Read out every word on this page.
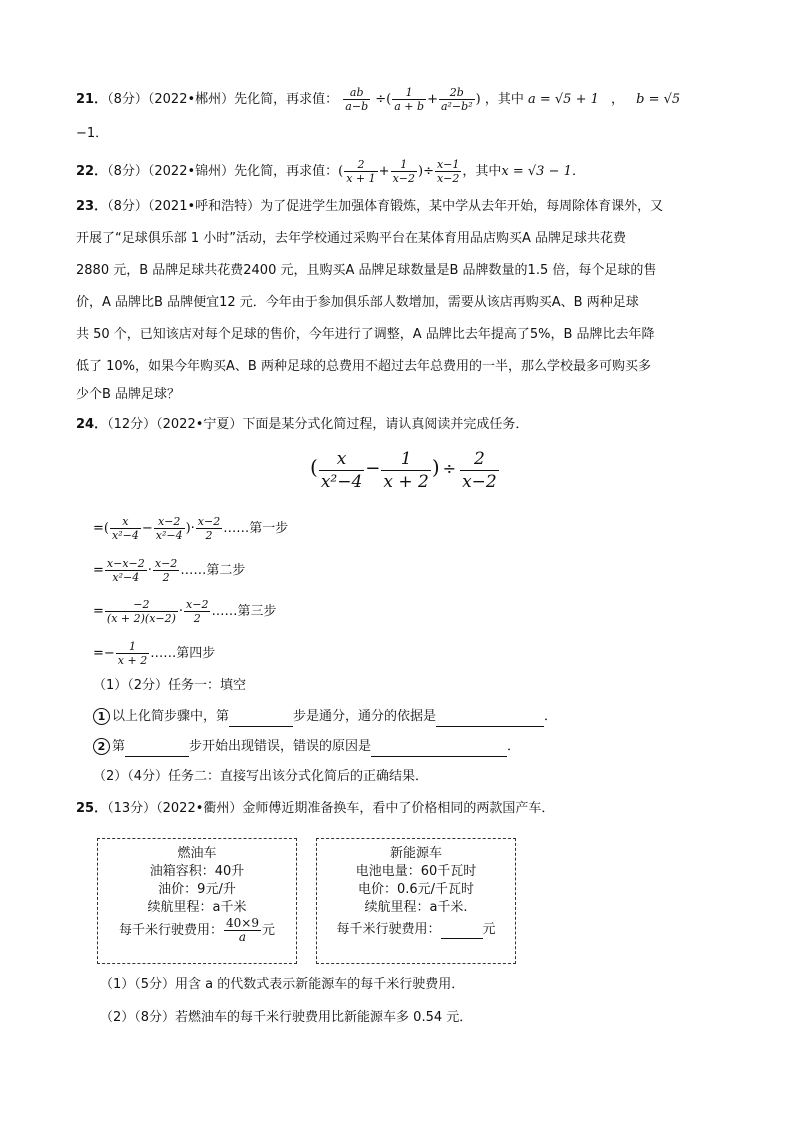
21．（8分）（2022•郴州）先化简，再求值： $\frac{ab}{a-b}$ ÷( $\frac{1}{a + b} + \frac{2b}{\text{a²−b²}}$ ) ，其中 a = √5 + 1 ， b = √5
−1．
22．（8分）（2022•锦州）先化简，再求值：( $\frac{2}{x + 1} + \frac{1}{x-2}$ )÷ $\frac{x-1}{x-2}$ ，其中x = √3 − 1．
23．（8分）（2021•呼和浩特）为了促进学生加强体育锻炼，某中学从去年开始，每周除体育课外，又
开展了“足球俱乐部 1 小时”活动，去年学校通过采购平台在某体育用品店购买A 品牌足球共花费
2880 元，B 品牌足球共花费2400 元，且购买A 品牌足球数量是B 品牌数量的1.5 倍，每个足球的售
价，A 品牌比B 品牌便宜12 元．今年由于参加俱乐部人数增加，需要从该店再购买A、B 两种足球
共 50 个，已知该店对每个足球的售价，今年进行了调整，A 品牌比去年提高了5%，B 品牌比去年降
低了 10%，如果今年购买A、B 两种足球的总费用不超过去年总费用的一半，那么学校最多可购买多
少个B 品牌足球？
24．（12分）（2022•宁夏）下面是某分式化简过程，请认真阅读并完成任务．
( $\frac{x}{\text{x²−4}} - \frac{1}{x + 2}$ ) ÷ $\frac{2}{x-2}$
=( $\frac{x}{\text{x²−4}} - \frac{x-2}{\text{x²−4}}$ )· $\frac{x-2}{2}$ ……第一步
= $\frac{x-x-2}{\text{x²−4}} \cdot \frac{x-2}{2}$ ……第二步
= $\frac{-2}{(x + 2)(x-2)} \cdot \frac{x-2}{2}$ ……第三步
=− $\frac{1}{x + 2}$ ……第四步
（1）（2分）任务一：填空
1 以上化简步骤中，第	步是通分，通分的依据是	．
2 第	步开始出现错误，错误的原因是	．
（2）（4分）任务二：直接写出该分式化简后的正确结果．
25．（13分）（2022•衢州）金师傅近期准备换车，看中了价格相同的两款国产车．
燃油车
油箱容积：40升
油价：9元/升
续航里程：a千米
每千米行驶费用： $\frac{40\times 9}{a}$ 元
新能源车
电池电量：60千瓦时
电价：0.6元/千瓦时
续航里程：a千米.
每千米行驶费用：	元
（1）（5分）用含 a 的代数式表示新能源车的每千米行驶费用．
（2）（8分）若燃油车的每千米行驶费用比新能源车多 0.54 元．
